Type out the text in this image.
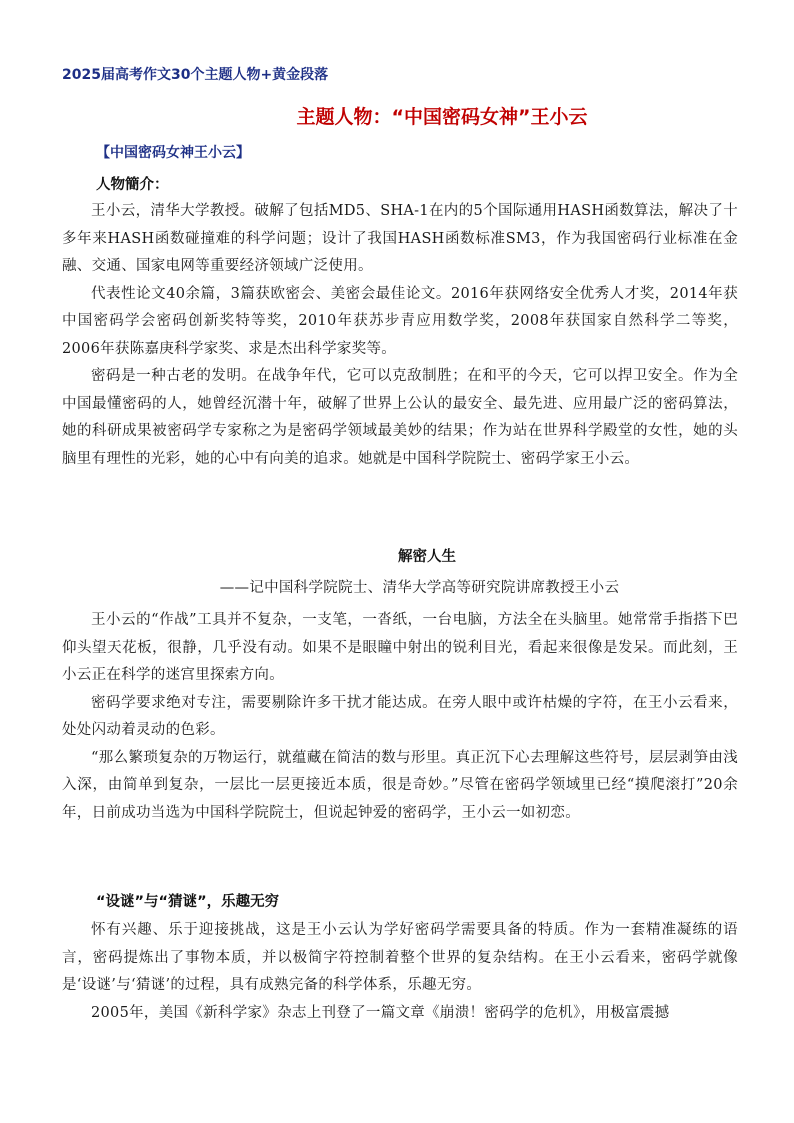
2025届高考作文30个主题人物+黄金段落
主题人物：“中国密码女神”王小云
【中国密码女神王小云】
人物簡介：

王小云，清华大学教授。破解了包括MD5、SHA-1在内的5个国际通用HASH函数算法，解决了十多年来HASH函数碰撞难的科学问题；设计了我国HASH函数标准SM3，作为我国密码行业标准在金融、交通、国家电网等重要经济领域广泛使用。

代表性论文40余篇，3篇获欧密会、美密会最佳论文。2016年获网络安全优秀人才奖，2014年获中国密码学会密码创新奖特等奖，2010年获苏步青应用数学奖，2008年获国家自然科学二等奖，2006年获陈嘉庚科学家奖、求是杰出科学家奖等。

密码是一种古老的发明。在战争年代，它可以克敌制胜；在和平的今天，它可以捍卫安全。作为全中国最懂密码的人，她曾经沉潜十年，破解了世界上公认的最安全、最先进、应用最广泛的密码算法，她的科研成果被密码学专家称之为是密码学领域最美妙的结果；作为站在世界科学殿堂的女性，她的头脑里有理性的光彩，她的心中有向美的追求。她就是中国科学院院士、密码学家王小云。

解密人生
——记中国科学院院士、清华大学高等研究院讲席教授王小云

王小云的“作战”工具并不复杂，一支笔，一沓纸，一台电脑，方法全在头脑里。她常常手指搭下巴仰头望天花板，很静，几乎没有动。如果不是眼瞳中射出的锐利目光，看起来很像是发呆。而此刻，王小云正在科学的迷宫里探索方向。

密码学要求绝对专注，需要剔除许多干扰才能达成。在旁人眼中或许枯燥的字符，在王小云看来，处处闪动着灵动的色彩。

“那么繁琐复杂的万物运行，就蕴藏在简洁的数与形里。真正沉下心去理解这些符号，层层剥笋由浅入深，由简单到复杂，一层比一层更接近本质，很是奇妙。”尽管在密码学领域里已经“摸爬滚打”20余年，日前成功当选为中国科学院院士，但说起钟爱的密码学，王小云一如初恋。

“设谜”与“猜谜”，乐趣无穷

怀有兴趣、乐于迎接挑战，这是王小云认为学好密码学需要具备的特质。作为一套精准凝练的语言，密码提炼出了事物本质，并以极简字符控制着整个世界的复杂结构。在王小云看来，密码学就像是‘设谜’与‘猜谜’的过程，具有成熟完备的科学体系，乐趣无穷。

2005年，美国《新科学家》杂志上刊登了一篇文章《崩溃！密码学的危机》，用极富震撼
